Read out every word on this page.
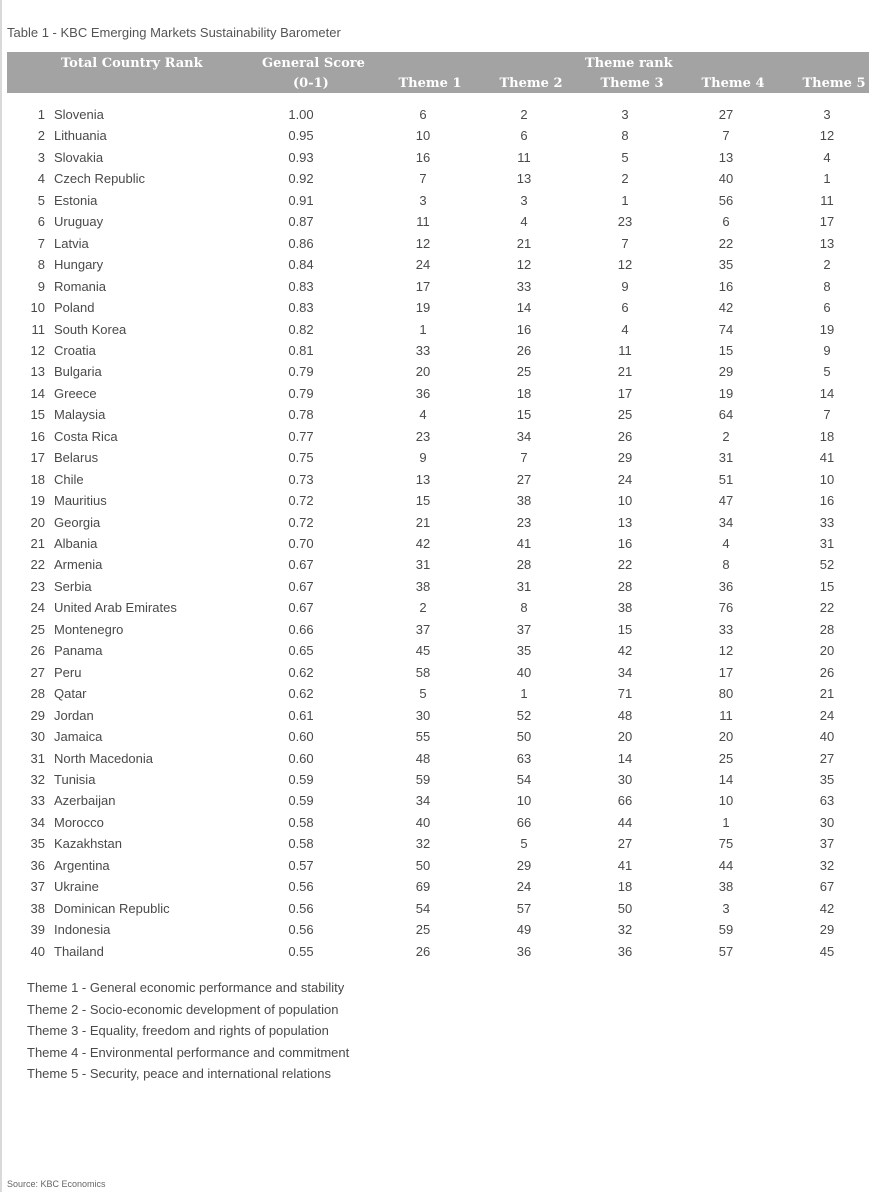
Table 1 - KBC Emerging Markets Sustainability Barometer
Total Country Rank	General Score
(0-1)
Theme rank
Theme 1	Theme 2	Theme 3	Theme 4	Theme 5
1 Slovenia	1.00	6	2	3	27	3
2 Lithuania	0.95	10	6	8	7	12
3 Slovakia	0.93	16	11	5	13	4
4 Czech Republic	0.92	7	13	2	40	1
5 Estonia	0.91	3	3	1	56	11
6 Uruguay	0.87	11	4	23	6	17
7 Latvia	0.86	12	21	7	22	13
8 Hungary	0.84	24	12	12	35	2
9 Romania	0.83	17	33	9	16	8
10 Poland	0.83	19	14	6	42	6
11 South Korea	0.82	1	16	4	74	19
12 Croatia	0.81	33	26	11	15	9
13 Bulgaria	0.79	20	25	21	29	5
14 Greece	0.79	36	18	17	19	14
15 Malaysia	0.78	4	15	25	64	7
16 Costa Rica	0.77	23	34	26	2	18
17 Belarus	0.75	9	7	29	31	41
18 Chile	0.73	13	27	24	51	10
19 Mauritius	0.72	15	38	10	47	16
20 Georgia	0.72	21	23	13	34	33
21 Albania	0.70	42	41	16	4	31
22 Armenia	0.67	31	28	22	8	52
23 Serbia	0.67	38	31	28	36	15
24 United Arab Emirates	0.67	2	8	38	76	22
25 Montenegro	0.66	37	37	15	33	28
26 Panama	0.65	45	35	42	12	20
27 Peru	0.62	58	40	34	17	26
28 Qatar	0.62	5	1	71	80	21
29 Jordan	0.61	30	52	48	11	24
30 Jamaica	0.60	55	50	20	20	40
31 North Macedonia	0.60	48	63	14	25	27
32 Tunisia	0.59	59	54	30	14	35
33 Azerbaijan	0.59	34	10	66	10	63
34 Morocco	0.58	40	66	44	1	30
35 Kazakhstan	0.58	32	5	27	75	37
36 Argentina	0.57	50	29	41	44	32
37 Ukraine	0.56	69	24	18	38	67
38 Dominican Republic	0.56	54	57	50	3	42
39 Indonesia	0.56	25	49	32	59	29
40 Thailand	0.55	26	36	36	57	45
Theme 1 - General economic performance and stability
Theme 2 - Socio-economic development of population
Theme 3 - Equality, freedom and rights of population
Theme 4 - Environmental performance and commitment
Theme 5 - Security, peace and international relations
Source: KBC Economics
